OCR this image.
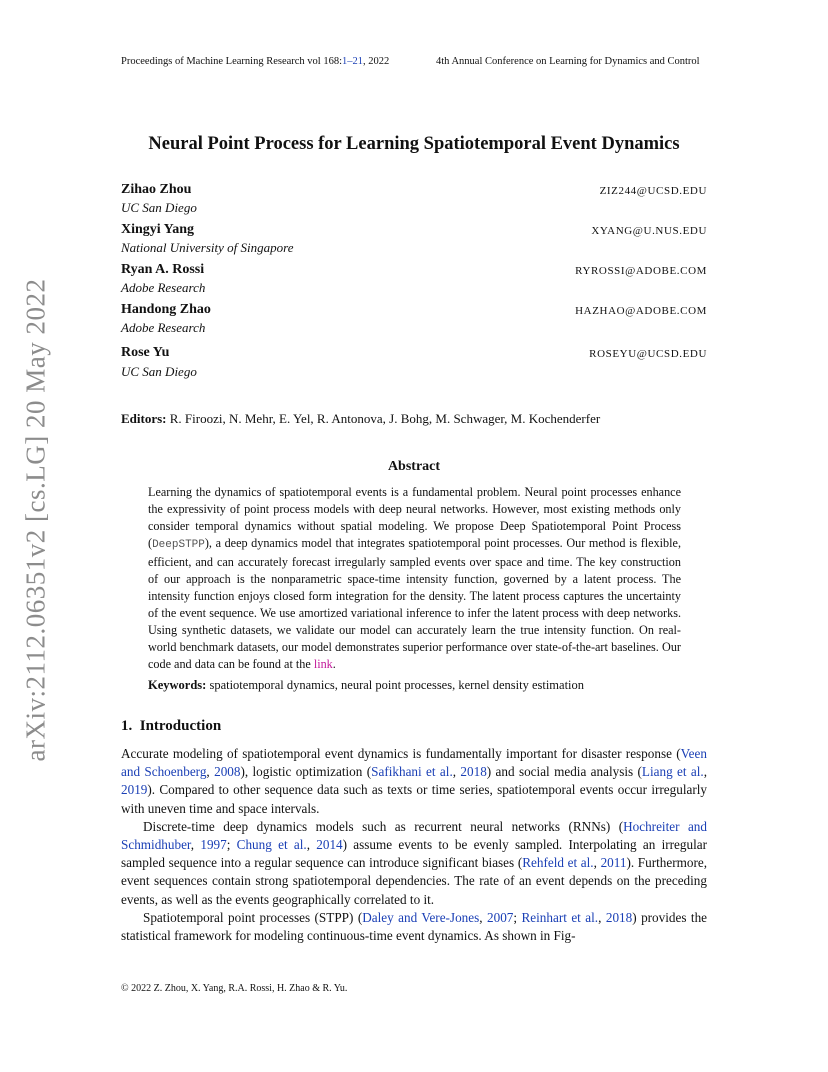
Proceedings of Machine Learning Research vol 168:1–21, 2022	4th Annual Conference on Learning for Dynamics and Control
Neural Point Process for Learning Spatiotemporal Event Dynamics
Zihao Zhou	ZIZ244@UCSD.EDU
UC San Diego
Xingyi Yang	XYANG@U.NUS.EDU
National University of Singapore
Ryan A. Rossi	RYROSSI@ADOBE.COM
Adobe Research
Handong Zhao	HAZHAO@ADOBE.COM
Adobe Research
Rose Yu	ROSEYU@UCSD.EDU
UC San Diego
Editors: R. Firoozi, N. Mehr, E. Yel, R. Antonova, J. Bohg, M. Schwager, M. Kochenderfer
Abstract
Learning the dynamics of spatiotemporal events is a fundamental problem. Neural point processes enhance the expressivity of point process models with deep neural networks. However, most existing methods only consider temporal dynamics without spatial modeling. We propose Deep Spatiotemporal Point Process (DeepSTPP), a deep dynamics model that integrates spatiotemporal point processes. Our method is flexible, efficient, and can accurately forecast irregularly sampled events over space and time. The key construction of our approach is the nonparametric space-time intensity function, governed by a latent process. The intensity function enjoys closed form integration for the density. The latent process captures the uncertainty of the event sequence. We use amortized variational inference to infer the latent process with deep networks. Using synthetic datasets, we validate our model can accurately learn the true intensity function. On real-world benchmark datasets, our model demonstrates superior performance over state-of-the-art baselines. Our code and data can be found at the link.
Keywords: spatiotemporal dynamics, neural point processes, kernel density estimation
1. Introduction

Accurate modeling of spatiotemporal event dynamics is fundamentally important for disaster response (Veen and Schoenberg, 2008), logistic optimization (Safikhani et al., 2018) and social media analysis (Liang et al., 2019). Compared to other sequence data such as texts or time series, spatiotemporal events occur irregularly with uneven time and space intervals.

Discrete-time deep dynamics models such as recurrent neural networks (RNNs) (Hochreiter and Schmidhuber, 1997; Chung et al., 2014) assume events to be evenly sampled. Interpolating an irregular sampled sequence into a regular sequence can introduce significant biases (Rehfeld et al., 2011). Furthermore, event sequences contain strong spatiotemporal dependencies. The rate of an event depends on the preceding events, as well as the events geographically correlated to it.

Spatiotemporal point processes (STPP) (Daley and Vere-Jones, 2007; Reinhart et al., 2018) provides the statistical framework for modeling continuous-time event dynamics. As shown in Fig-

© 2022 Z. Zhou, X. Yang, R.A. Rossi, H. Zhao & R. Yu.
arXiv:2112.06351v2 [cs.LG] 20 May 2022
